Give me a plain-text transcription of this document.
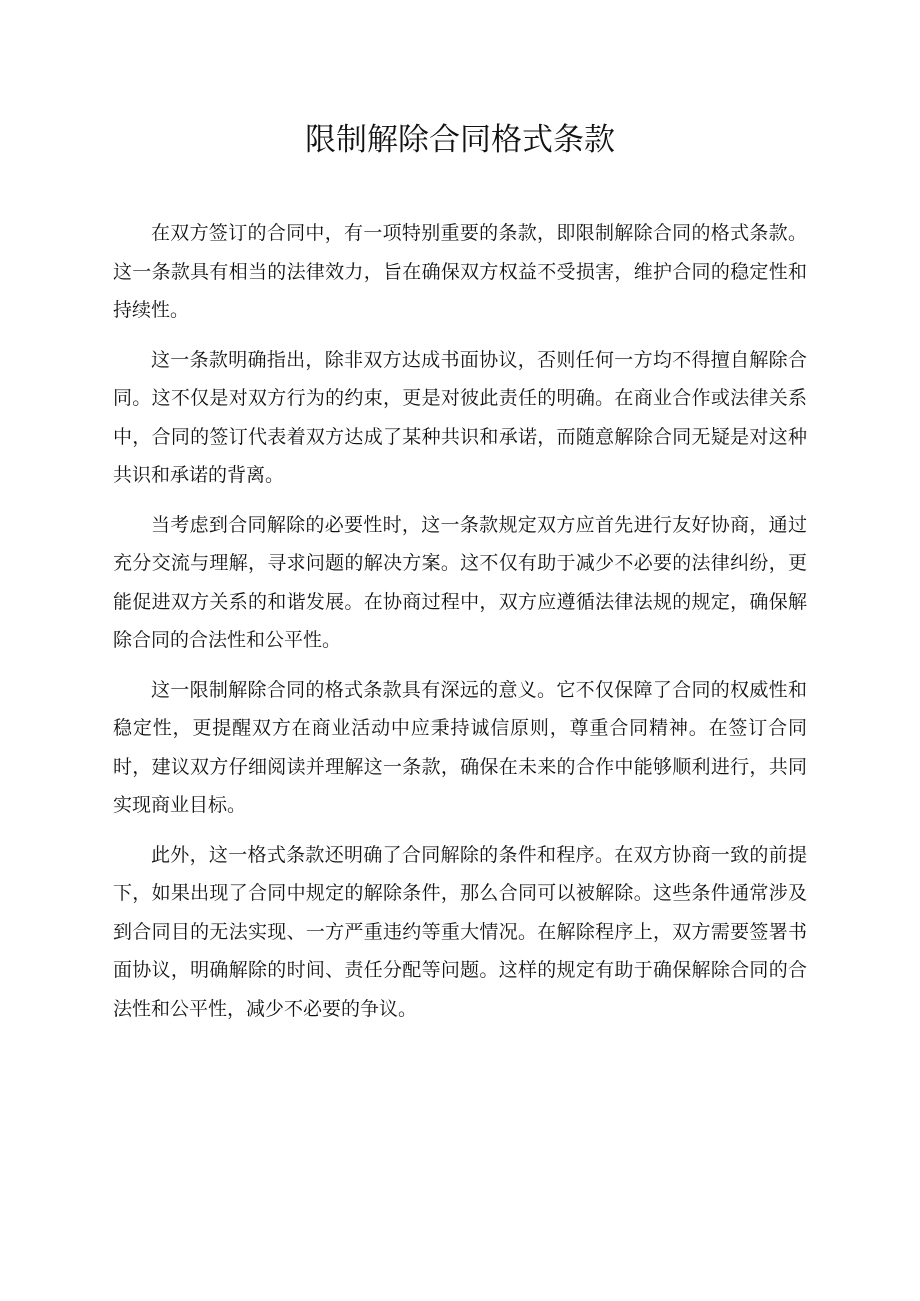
限制解除合同格式条款

在双方签订的合同中，有一项特别重要的条款，即限制解除合同的格式条款。这一条款具有相当的法律效力，旨在确保双方权益不受损害，维护合同的稳定性和持续性。

这一条款明确指出，除非双方达成书面协议，否则任何一方均不得擅自解除合同。这不仅是对双方行为的约束，更是对彼此责任的明确。在商业合作或法律关系中，合同的签订代表着双方达成了某种共识和承诺，而随意解除合同无疑是对这种共识和承诺的背离。

当考虑到合同解除的必要性时，这一条款规定双方应首先进行友好协商，通过充分交流与理解，寻求问题的解决方案。这不仅有助于减少不必要的法律纠纷，更能促进双方关系的和谐发展。在协商过程中，双方应遵循法律法规的规定，确保解除合同的合法性和公平性。

这一限制解除合同的格式条款具有深远的意义。它不仅保障了合同的权威性和稳定性，更提醒双方在商业活动中应秉持诚信原则，尊重合同精神。在签订合同时，建议双方仔细阅读并理解这一条款，确保在未来的合作中能够顺利进行，共同实现商业目标。

此外，这一格式条款还明确了合同解除的条件和程序。在双方协商一致的前提下，如果出现了合同中规定的解除条件，那么合同可以被解除。这些条件通常涉及到合同目的无法实现、一方严重违约等重大情况。在解除程序上，双方需要签署书面协议，明确解除的时间、责任分配等问题。这样的规定有助于确保解除合同的合法性和公平性，减少不必要的争议。
